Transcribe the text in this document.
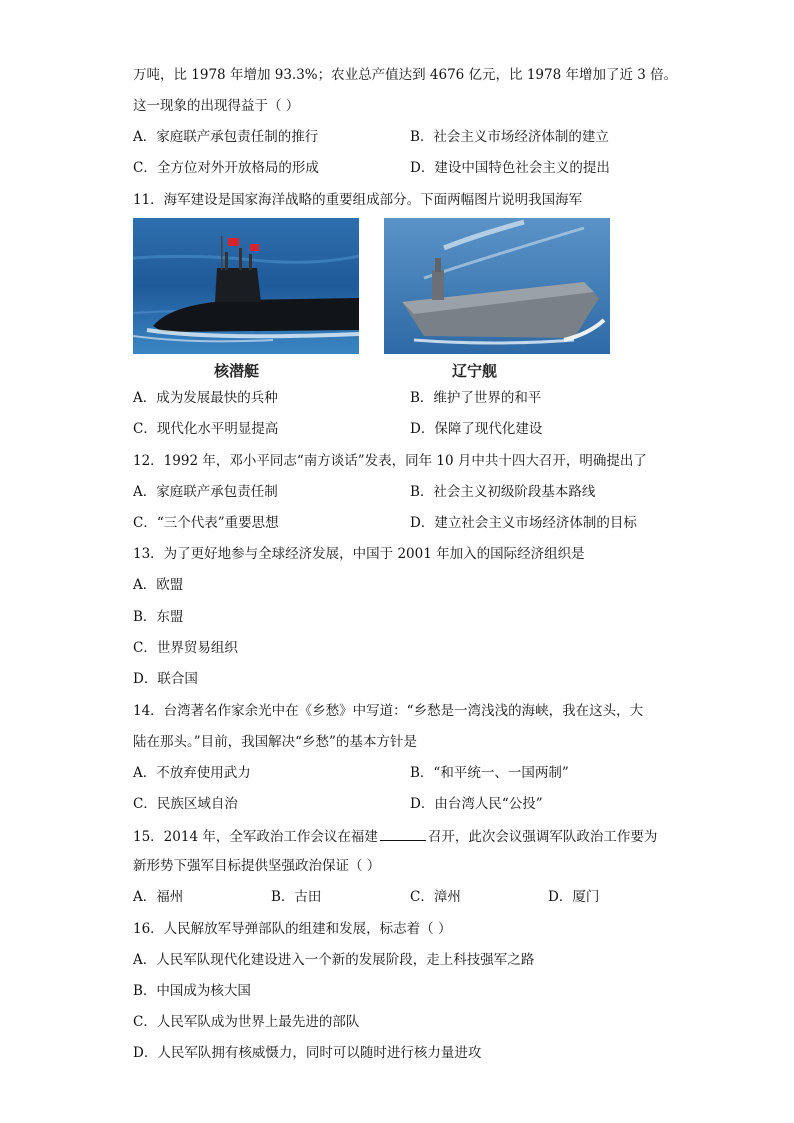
万吨，比 1978 年增加 93.3%；农业总产值达到 4676 亿元，比 1978 年增加了近 3 倍。
这一现象的出现得益于（ ）
A．家庭联产承包责任制的推行	B．社会主义市场经济体制的建立
C．全方位对外开放格局的形成	D．建设中国特色社会主义的提出
11．海军建设是国家海洋战略的重要组成部分。下面两幅图片说明我国海军
核潜艇	辽宁舰
A．成为发展最快的兵种	B．维护了世界的和平
C．现代化水平明显提高	D．保障了现代化建设
12．1992 年，邓小平同志“南方谈话”发表，同年 10 月中共十四大召开，明确提出了
A．家庭联产承包责任制	B．社会主义初级阶段基本路线
C．“三个代表”重要思想	D．建立社会主义市场经济体制的目标
13．为了更好地参与全球经济发展，中国于 2001 年加入的国际经济组织是
A．欧盟
B．东盟
C．世界贸易组织
D．联合国
14．台湾著名作家余光中在《乡愁》中写道：“乡愁是一湾浅浅的海峡，我在这头，大
陆在那头。”目前，我国解决“乡愁”的基本方针是
A．不放弃使用武力	B．“和平统一、一国两制”
C．民族区域自治	D．由台湾人民“公投”
15．2014 年，全军政治工作会议在福建	召开，此次会议强调军队政治工作要为
新形势下强军目标提供坚强政治保证（ ）
A．福州	B．古田	C．漳州	D．厦门
16．人民解放军导弹部队的组建和发展，标志着（ ）
A．人民军队现代化建设进入一个新的发展阶段，走上科技强军之路
B．中国成为核大国
C．人民军队成为世界上最先进的部队
D．人民军队拥有核威慑力，同时可以随时进行核力量进攻
